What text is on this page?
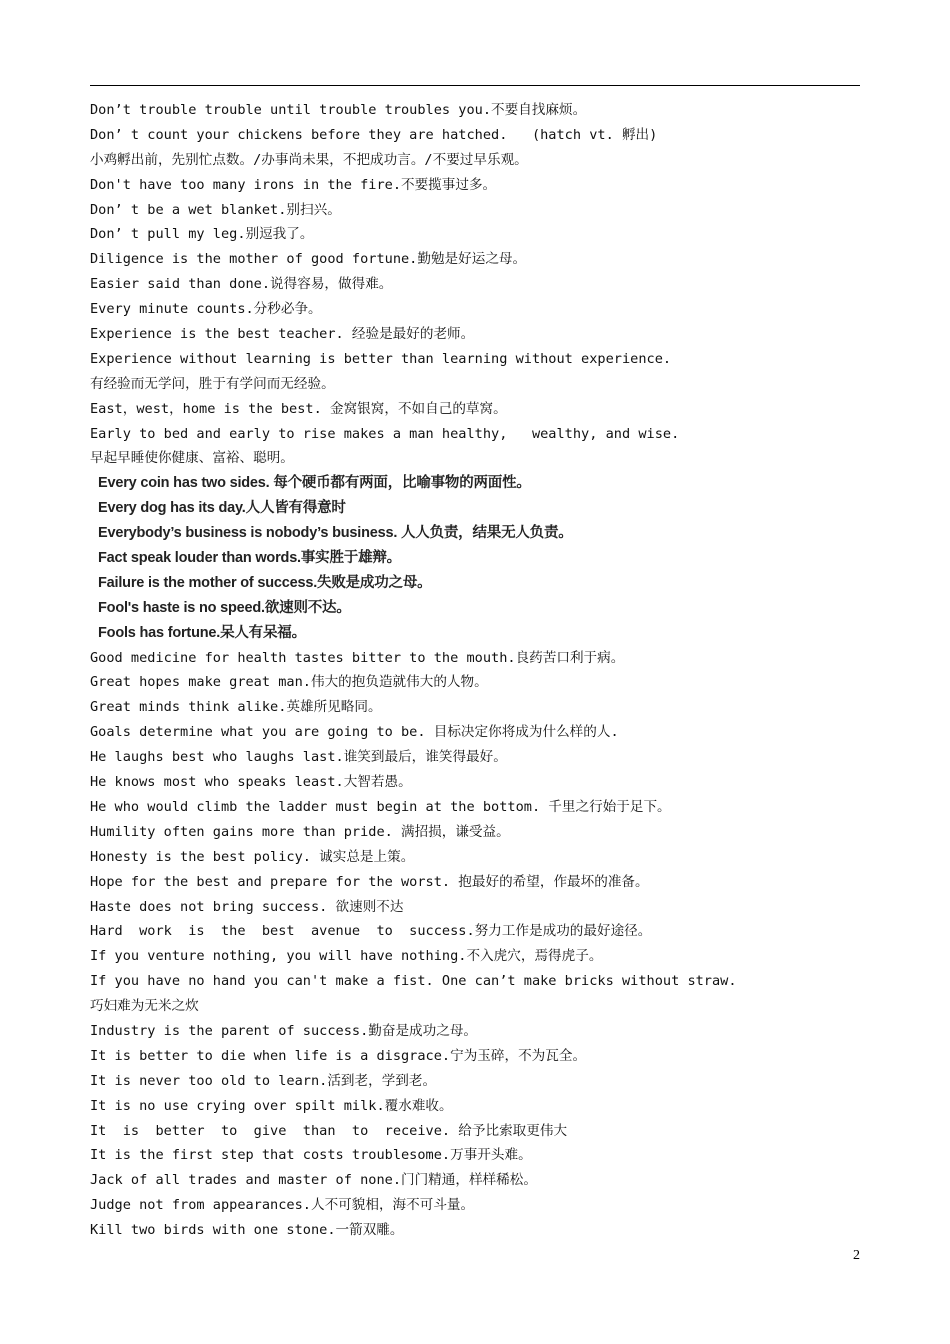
Don’t trouble trouble until trouble troubles you.不要自找麻烦。
Don’ t count your chickens before they are hatched.   (hatch vt. 孵出)
小鸡孵出前，先别忙点数。/办事尚未果，不把成功言。/不要过早乐观。
Don't have too many irons in the fire.不要揽事过多。
Don’ t be a wet blanket.别扫兴。
Don’ t pull my leg.别逗我了。
Diligence is the mother of good fortune.勤勉是好运之母。
Easier said than done.说得容易，做得难。
Every minute counts.分秒必争。
Experience is the best teacher. 经验是最好的老师。
Experience without learning is better than learning without experience.
有经验而无学问，胜于有学问而无经验。
East，west，home is the best. 金窝银窝，不如自己的草窝。
Early to bed and early to rise makes a man healthy,   wealthy, and wise.
早起早睡使你健康、富裕、聪明。
Every coin has two sides. 每个硬币都有两面，比喻事物的两面性。
Every dog has its day.人人皆有得意时
Everybody’s business is nobody’s business. 人人负责，结果无人负责。
Fact speak louder than words.事实胜于雄辩。
Failure is the mother of success.失败是成功之母。
Fool's haste is no speed.欲速则不达。
Fools has fortune.呆人有呆福。
Good medicine for health tastes bitter to the mouth.良药苦口利于病。
Great hopes make great man.伟大的抱负造就伟大的人物。
Great minds think alike.英雄所见略同。
Goals determine what you are going to be. 目标决定你将成为什么样的人.
He laughs best who laughs last.谁笑到最后，谁笑得最好。
He knows most who speaks least.大智若愚。
He who would climb the ladder must begin at the bottom. 千里之行始于足下。
Humility often gains more than pride. 满招损，谦受益。
Honesty is the best policy. 诚实总是上策。
Hope for the best and prepare for the worst. 抱最好的希望，作最坏的准备。
Haste does not bring success. 欲速则不达
Hard  work  is  the  best  avenue  to  success.努力工作是成功的最好途径。
If you venture nothing, you will have nothing.不入虎穴，焉得虎子。
If you have no hand you can't make a fist. One can’t make bricks without straw.
巧妇难为无米之炊
Industry is the parent of success.勤奋是成功之母。
It is better to die when life is a disgrace.宁为玉碎，不为瓦全。
It is never too old to learn.活到老，学到老。
It is no use crying over spilt milk.覆水难收。
It  is  better  to  give  than  to  receive. 给予比索取更伟大
It is the first step that costs troublesome.万事开头难。
Jack of all trades and master of none.门门精通，样样稀松。
Judge not from appearances.人不可貌相，海不可斗量。
Kill two birds with one stone.一箭双雕。
2
